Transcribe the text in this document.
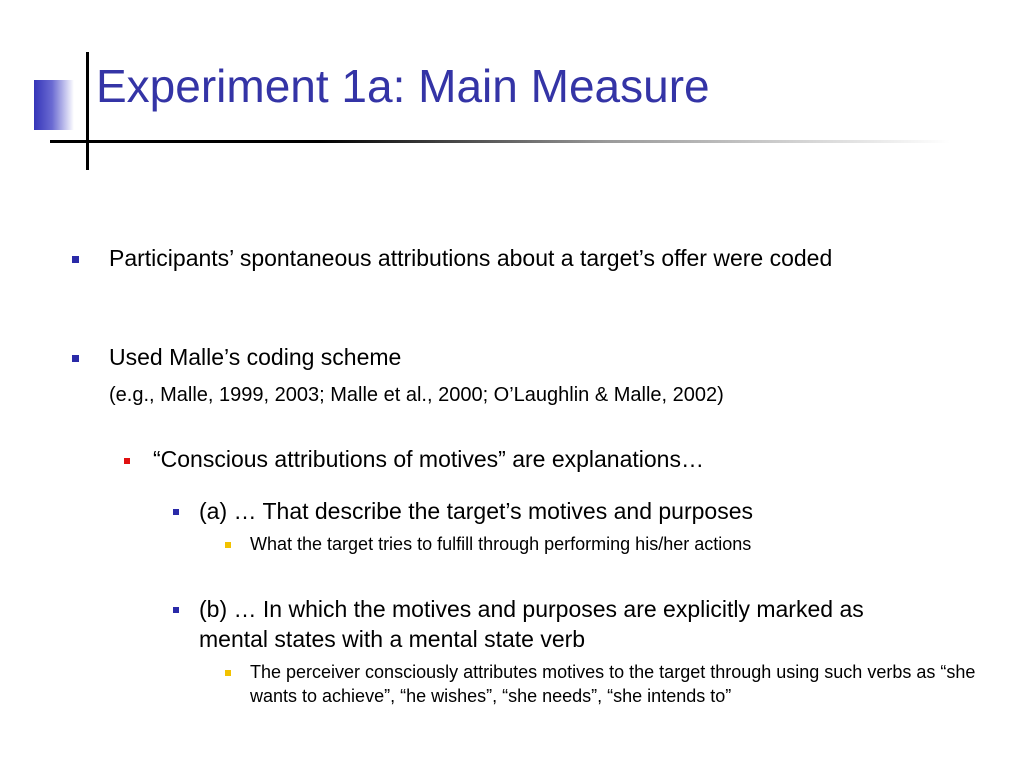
Experiment 1a: Main Measure

Participants’ spontaneous attributions about a target’s offer were coded

Used Malle’s coding scheme

(e.g., Malle, 1999, 2003; Malle et al., 2000; O’Laughlin & Malle, 2002)

“Conscious attributions of motives” are explanations…

(a) … That describe the target’s motives and purposes

What the target tries to fulfill through performing his/her actions

(b) … In which the motives and purposes are explicitly marked as mental states with a mental state verb

The perceiver consciously attributes motives to the target through using such verbs as “she wants to achieve”, “he wishes”, “she needs”, “she intends to”
